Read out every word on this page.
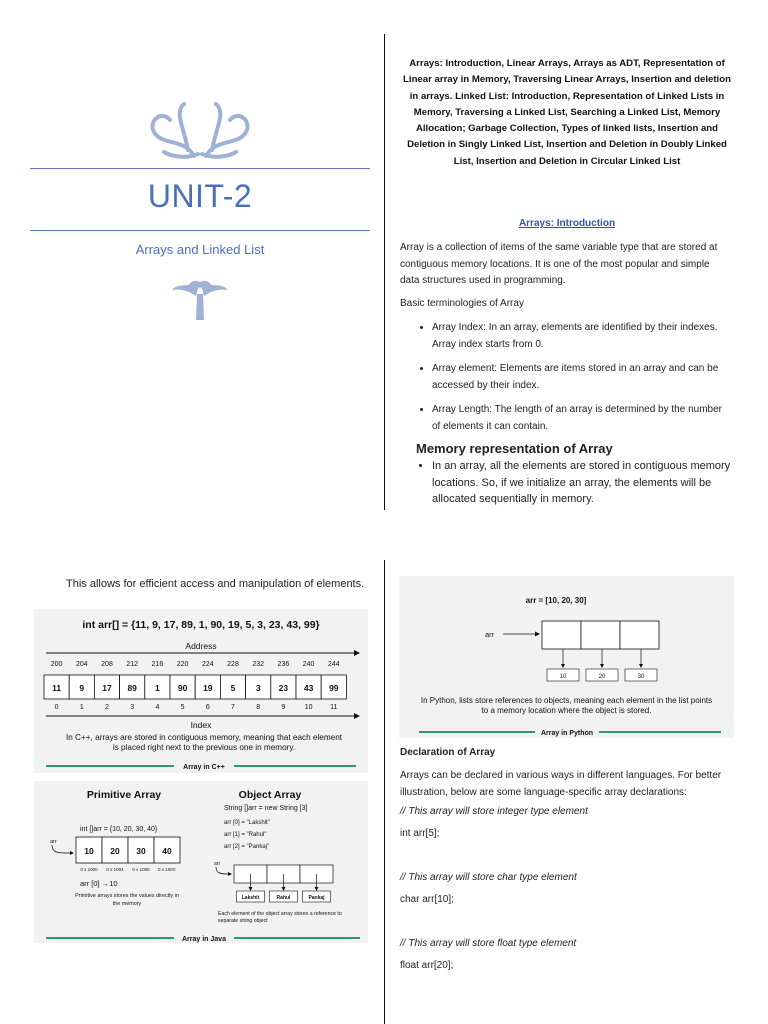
UNIT-2
Arrays and Linked List
Arrays: Introduction, Linear Arrays, Arrays as ADT, Representation of Linear array in Memory, Traversing Linear Arrays, Insertion and deletion in arrays. Linked List: Introduction, Representation of Linked Lists in Memory, Traversing a Linked List, Searching a Linked List, Memory Allocation; Garbage Collection, Types of linked lists, Insertion and Deletion in Singly Linked List, Insertion and Deletion in Doubly Linked List, Insertion and Deletion in Circular Linked List
Arrays: Introduction
Array is a collection of items of the same variable type that are stored at contiguous memory locations. It is one of the most popular and simple data structures used in programming.
Basic terminologies of Array
• Array Index: In an array, elements are identified by their indexes. Array index starts from 0.
• Array element: Elements are items stored in an array and can be accessed by their index.
• Array Length: The length of an array is determined by the number of elements it can contain.
Memory representation of Array
• In an array, all the elements are stored in contiguous memory locations. So, if we initialize an array, the elements will be allocated sequentially in memory.
This allows for efficient access and manipulation of elements.
int arr[] = {11, 9, 17, 89, 1, 90, 19, 5, 3, 23, 43, 99}
Address
200 204 208 212 216 220 224 228 232 236 240 244
11 9 17 89 1 90 19 5 3 23 43 99
0	1	2	3	4	5	6	7	8	9	10	11
Index
In C++, arrays are stored in contiguous memory, meaning that each element is placed right next to the previous one in memory.
Array in C++
Primitive Array
int []arr = {10, 20, 30, 40}
arr
10
0 x 1000
20
0 x 1004
30
0 x 1008
40
0 x 100C
arr [0] →10
Primitive arrays stores the values directly in the memory
Object Array
String []arr = new String [3]
arr [0] = "Lakshit"
arr [1] = "Rahul"
arr [2] = "Pankaj"
arr
Lakshit	Rahul	Pankaj
Each element of the object array stores a reference to separate string object
Array in Java
arr = [10, 20, 30]
arr
10	20	30
In Python, lists store references to objects, meaning each element in the list points to a memory location where the object is stored.
Array in Python
Declaration of Array
Arrays can be declared in various ways in different languages. For better illustration, below are some language-specific array declarations:
// This array will store integer type element
int arr[5];
// This array will store char type element
char arr[10];
// This array will store float type element
float arr[20];
